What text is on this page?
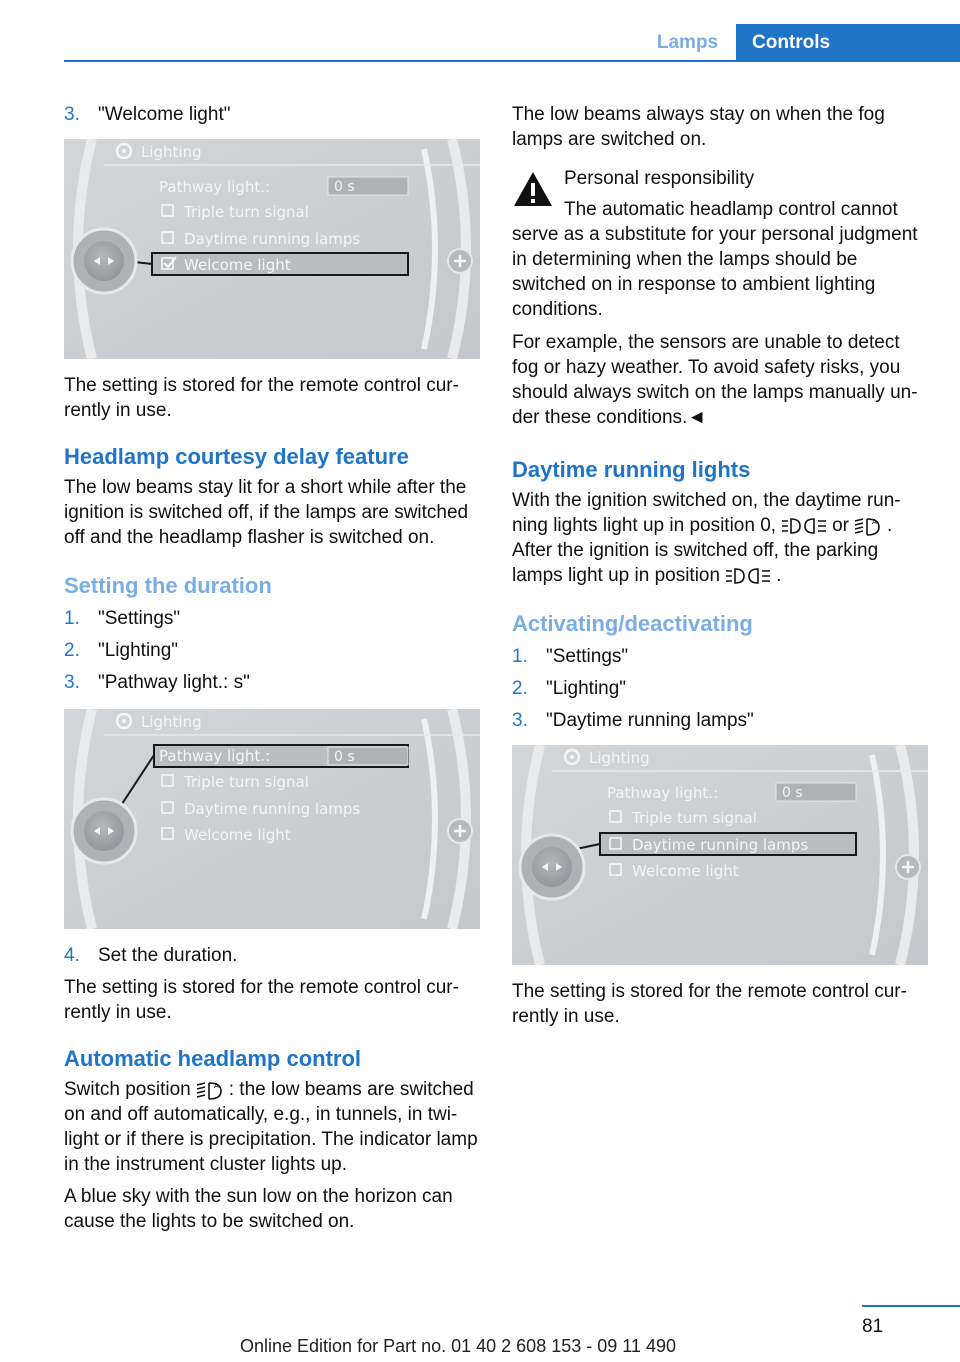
Lamps	Controls
3. "Welcome light"
Lighting
Pathway light.:	0 s
Triple turn signal
Daytime running lamps
Welcome light

The setting is stored for the remote control cur-rently in use.

Headlamp courtesy delay feature

The low beams stay lit for a short while after the ignition is switched off, if the lamps are switched off and the headlamp flasher is switched on.

Setting the duration
1. "Settings"
2. "Lighting"
3. "Pathway light.: s"
Lighting
Pathway light.:	0 s
Triple turn signal
Daytime running lamps
Welcome light
4. Set the duration.

The setting is stored for the remote control cur-rently in use.

Automatic headlamp control

Switch position	A : the low beams are switched on and off automatically, e.g., in tunnels, in twi-light or if there is precipitation. The indicator lamp in the instrument cluster lights up.

A blue sky with the sun low on the horizon can cause the lights to be switched on.

The low beams always stay on when the fog lamps are switched on.

Personal responsibility

The automatic headlamp control cannot serve as a substitute for your personal judgment in determining when the lamps should be switched on in response to ambient lighting conditions.

For example, the sensors are unable to detect fog or hazy weather. To avoid safety risks, you should always switch on the lamps manually un-der these conditions.◄

Daytime running lights

With the ignition switched on, the daytime run-ning lights light up in position 0,	or	A . After the ignition is switched off, the parking lamps light up in position	.

Activating/deactivating
1. "Settings"
2. "Lighting"
3. "Daytime running lamps"
Lighting
Pathway light.:	0 s
Triple turn signal
Daytime running lamps
Welcome light

The setting is stored for the remote control cur-rently in use.

81
Online Edition for Part no. 01 40 2 608 153 - 09 11 490
